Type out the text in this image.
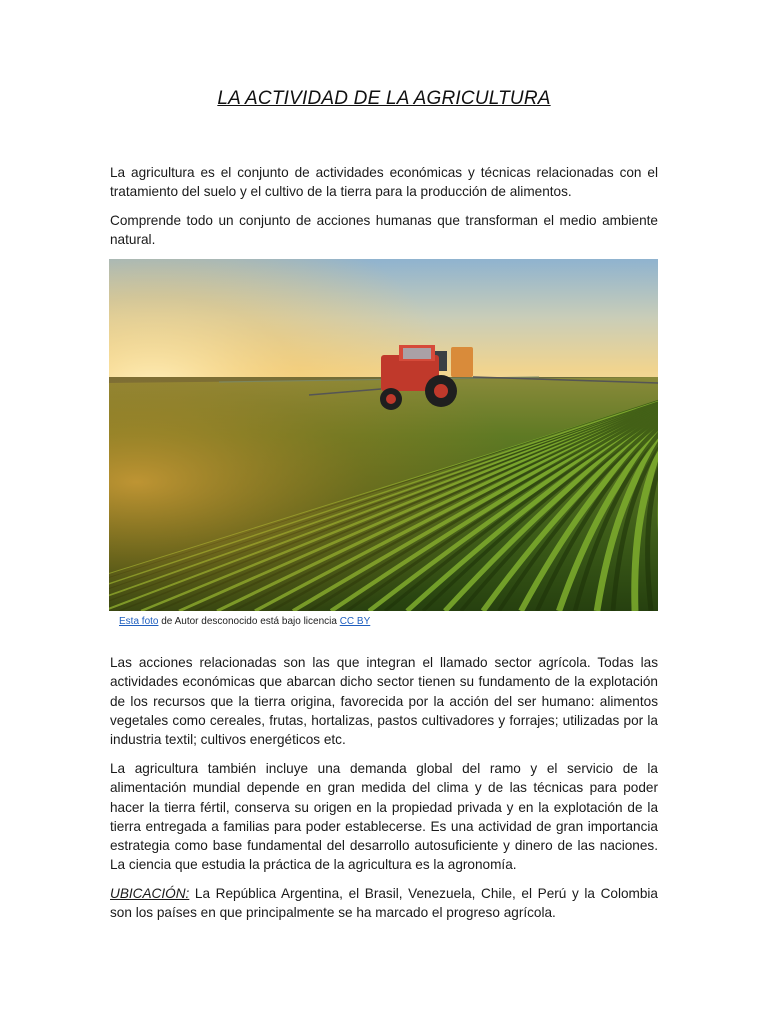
LA ACTIVIDAD DE LA AGRICULTURA

La agricultura es el conjunto de actividades económicas y técnicas relacionadas con el tratamiento del suelo y el cultivo de la tierra para la producción de alimentos.

Comprende todo un conjunto de acciones humanas que transforman el medio ambiente natural.

Esta foto de Autor desconocido está bajo licencia CC BY

Las acciones relacionadas son las que integran el llamado sector agrícola. Todas las actividades económicas que abarcan dicho sector tienen su fundamento de la explotación de los recursos que la tierra origina, favorecida por la acción del ser humano: alimentos vegetales como cereales, frutas, hortalizas, pastos cultivadores y forrajes; utilizadas por la industria textil; cultivos energéticos etc.

La agricultura también incluye una demanda global del ramo y el servicio de la alimentación mundial depende en gran medida del clima y de las técnicas para poder hacer la tierra fértil, conserva su origen en la propiedad privada y en la explotación de la tierra entregada a familias para poder establecerse. Es una actividad de gran importancia estrategia como base fundamental del desarrollo autosuficiente y dinero de las naciones. La ciencia que estudia la práctica de la agricultura es la agronomía.

UBICACIÓN: La República Argentina, el Brasil, Venezuela, Chile, el Perú y la Colombia son los países en que principalmente se ha marcado el progreso agrícola.
